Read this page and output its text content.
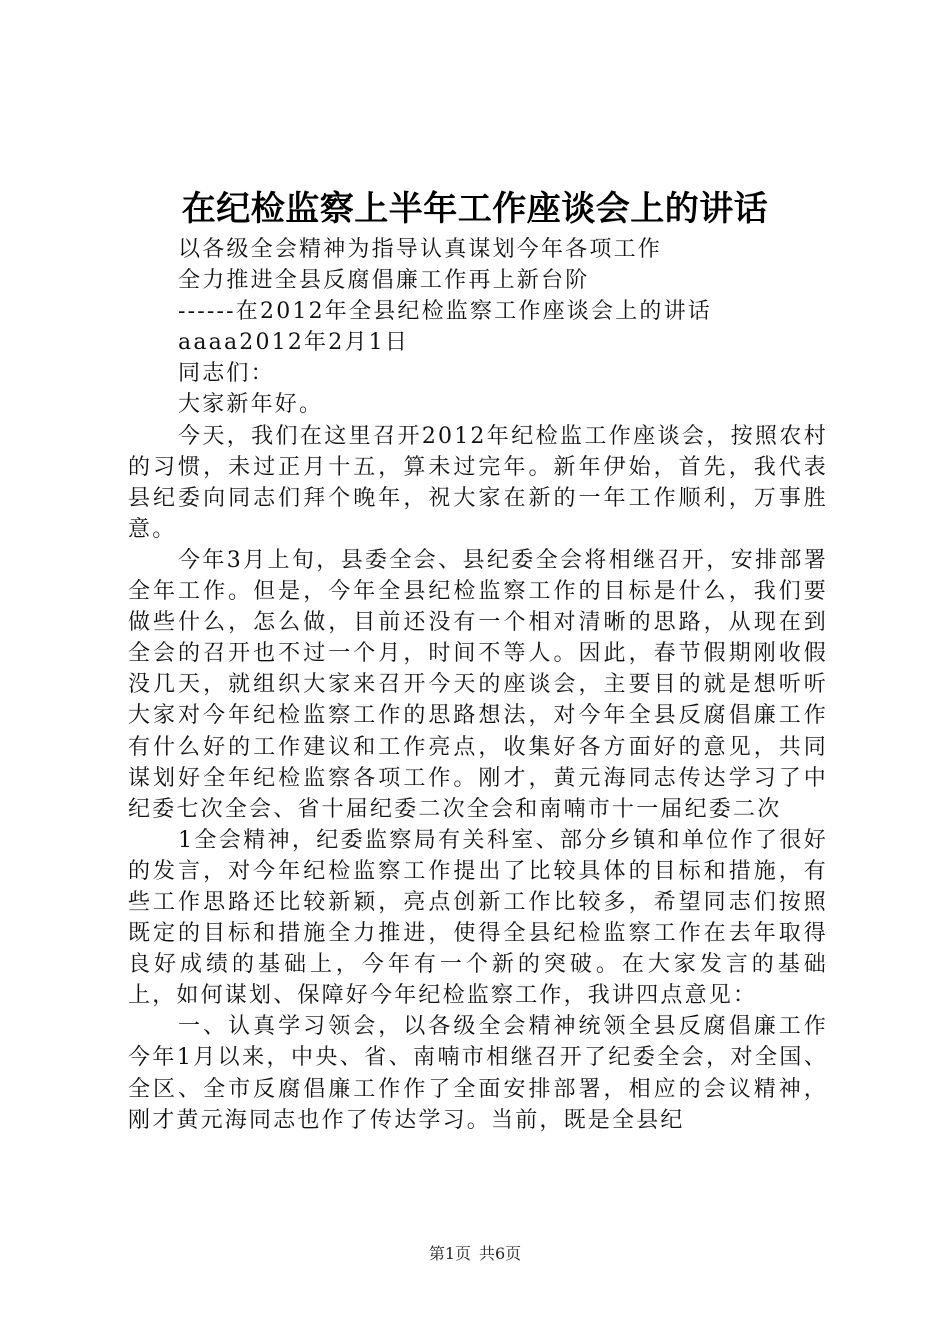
在纪检监察上半年工作座谈会上的讲话
以各级全会精神为指导认真谋划今年各项工作
全力推进全县反腐倡廉工作再上新台阶
------在2012年全县纪检监察工作座谈会上的讲话
aaaa2012年2月1日
同志们：
大家新年好。

今天，我们在这里召开2012年纪检监工作座谈会，按照农村的习惯，未过正月十五，算未过完年。新年伊始，首先，我代表县纪委向同志们拜个晚年，祝大家在新的一年工作顺利，万事胜意。

今年3月上旬，县委全会、县纪委全会将相继召开，安排部署全年工作。但是，今年全县纪检监察工作的目标是什么，我们要做些什么，怎么做，目前还没有一个相对清晰的思路，从现在到全会的召开也不过一个月，时间不等人。因此，春节假期刚收假没几天，就组织大家来召开今天的座谈会，主要目的就是想听听大家对今年纪检监察工作的思路想法，对今年全县反腐倡廉工作有什么好的工作建议和工作亮点，收集好各方面好的意见，共同谋划好全年纪检监察各项工作。刚才，黄元海同志传达学习了中纪委七次全会、省十届纪委二次全会和南喃市十一届纪委二次

1全会精神，纪委监察局有关科室、部分乡镇和单位作了很好的发言，对今年纪检监察工作提出了比较具体的目标和措施，有些工作思路还比较新颖，亮点创新工作比较多，希望同志们按照既定的目标和措施全力推进，使得全县纪检监察工作在去年取得良好成绩的基础上，今年有一个新的突破。在大家发言的基础上，如何谋划、保障好今年纪检监察工作，我讲四点意见：

一、认真学习领会，以各级全会精神统领全县反腐倡廉工作今年1月以来，中央、省、南喃市相继召开了纪委全会，对全国、全区、全市反腐倡廉工作作了全面安排部署，相应的会议精神，刚才黄元海同志也作了传达学习。当前，既是全县纪

第1页 共6页
